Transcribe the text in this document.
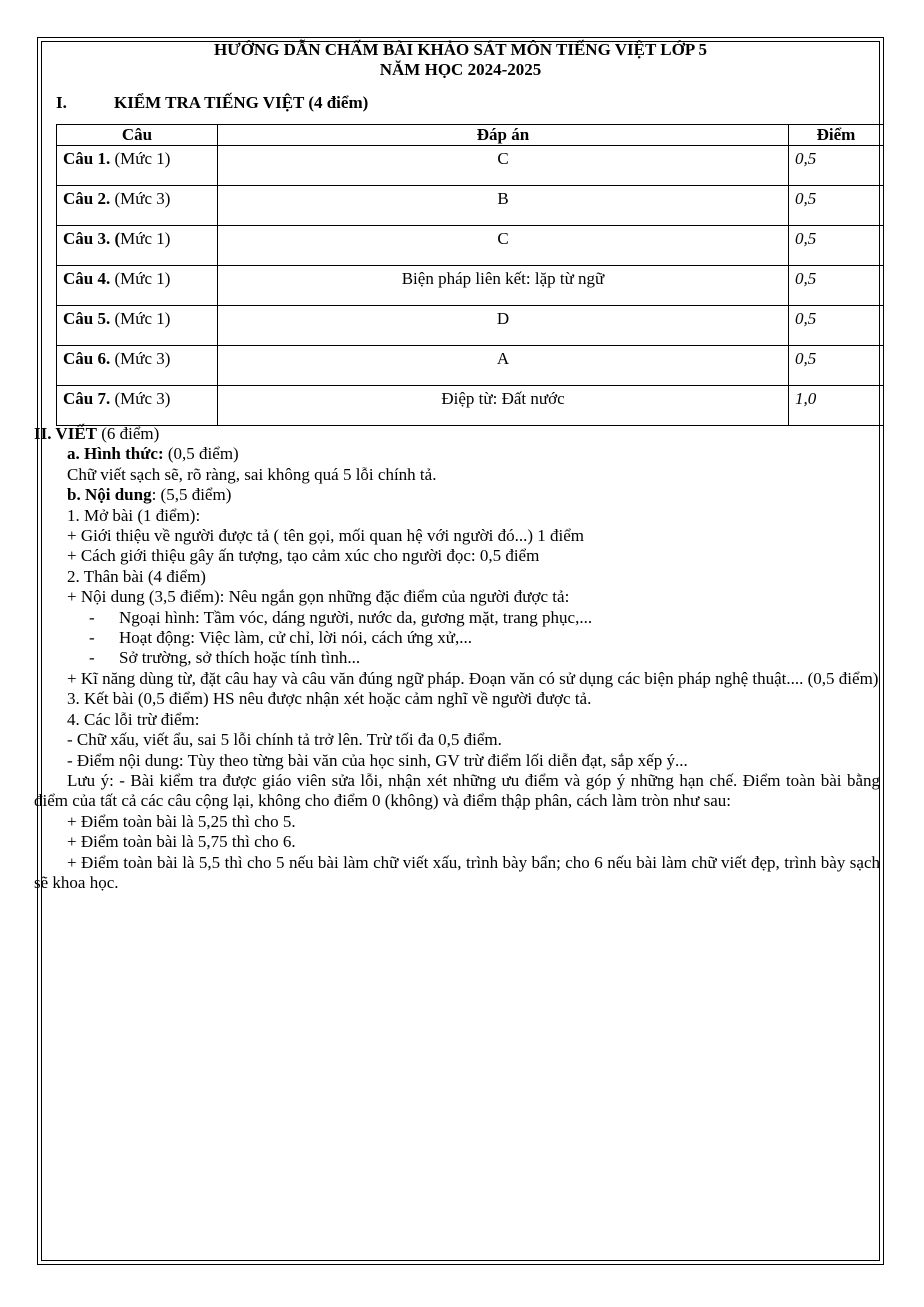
HƯỚNG DẪN CHẤM BÀI KHẢO SÁT MÔN TIẾNG VIỆT LỚP 5
NĂM HỌC 2024-2025
I.	KIỂM TRA TIẾNG VIỆT (4 điểm)
Câu	Đáp án	Điểm
Câu 1. (Mức 1)	C	0,5
Câu 2. (Mức 3)	B	0,5
Câu 3. (Mức 1)	C	0,5
Câu 4. (Mức 1)	Biện pháp liên kết: lặp từ ngữ	0,5
Câu 5. (Mức 1)	D	0,5
Câu 6. (Mức 3)	A	0,5
Câu 7. (Mức 3)	Điệp từ: Đất nước	1,0

II. VIẾT (6 điểm)

a. Hình thức: (0,5 điểm)

Chữ viết sạch sẽ, rõ ràng, sai không quá 5 lỗi chính tả.

b. Nội dung: (5,5 điểm)

1. Mở bài (1 điểm):

+ Giới thiệu về người được tả ( tên gọi, mối quan hệ với người đó...) 1 điểm

+ Cách giới thiệu gây ấn tượng, tạo cảm xúc cho người đọc: 0,5 điểm

2. Thân bài (4 điểm)

+ Nội dung (3,5 điểm): Nêu ngắn gọn những đặc điểm của người được tả:

- Ngoại hình: Tầm vóc, dáng người, nước da, gương mặt, trang phục,...

- Hoạt động: Việc làm, cử chỉ, lời nói, cách ứng xử,...

- Sở trường, sở thích hoặc tính tình...

+ Kĩ năng dùng từ, đặt câu hay và câu văn đúng ngữ pháp. Đoạn văn có sử dụng các biện pháp nghệ thuật.... (0,5 điểm)

3. Kết bài (0,5 điểm) HS nêu được nhận xét hoặc cảm nghĩ về người được tả.

4. Các lỗi trừ điểm:

- Chữ xấu, viết ẩu, sai 5 lỗi chính tả trở lên. Trừ tối đa 0,5 điểm.

- Điểm nội dung: Tùy theo từng bài văn của học sinh, GV trừ điểm lối diễn đạt, sắp xếp ý...

Lưu ý: - Bài kiểm tra được giáo viên sửa lỗi, nhận xét những ưu điểm và góp ý những hạn chế. Điểm toàn bài bằng điểm của tất cả các câu cộng lại, không cho điểm 0 (không) và điểm thập phân, cách làm tròn như sau:

+ Điểm toàn bài là 5,25 thì cho 5.

+ Điểm toàn bài là 5,75 thì cho 6.

+ Điểm toàn bài là 5,5 thì cho 5 nếu bài làm chữ viết xấu, trình bày bẩn; cho 6 nếu bài làm chữ viết đẹp, trình bày sạch sẽ khoa học.
